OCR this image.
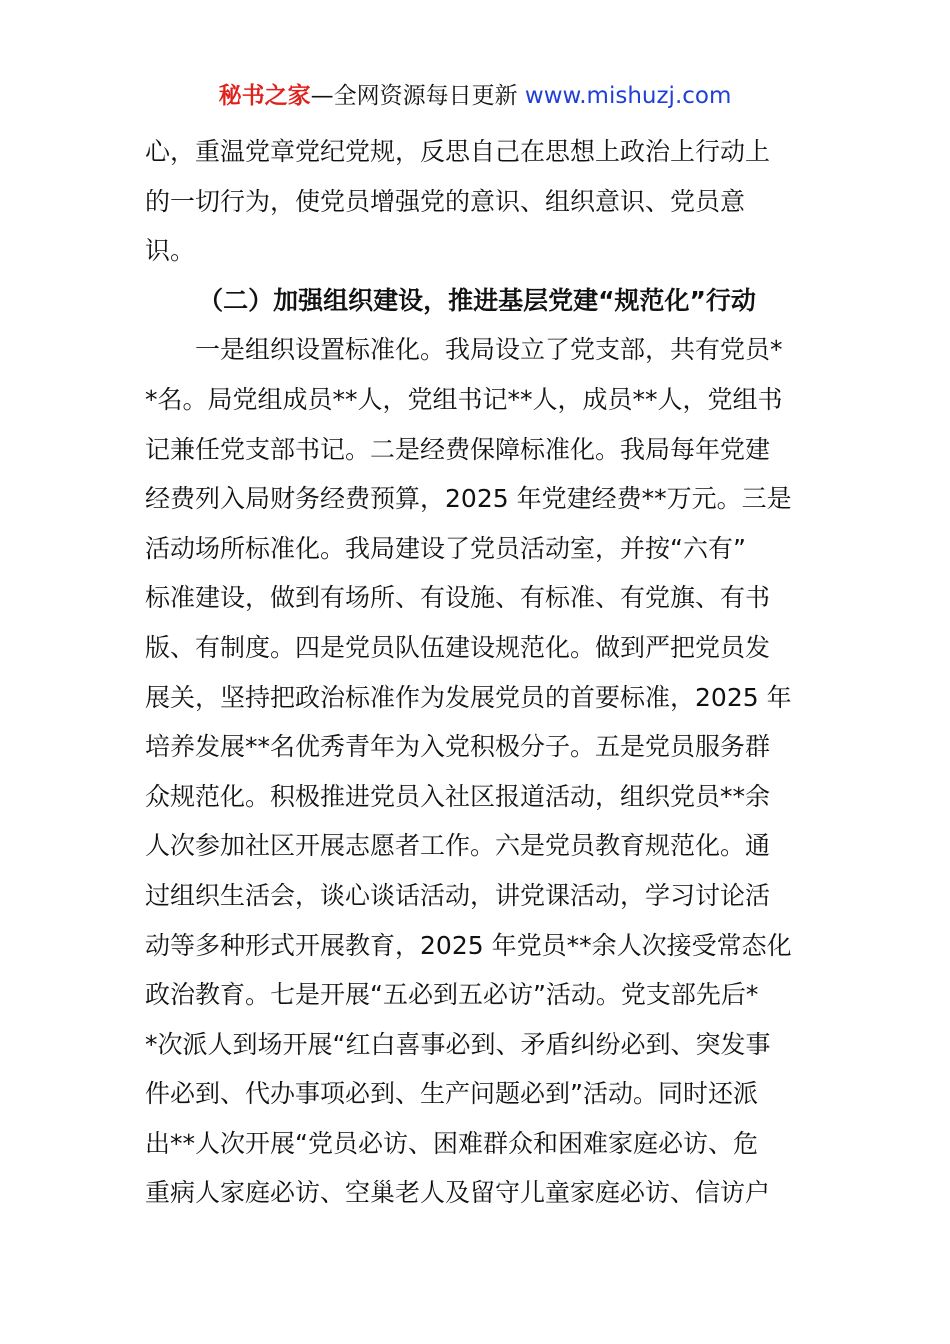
秘书之家—全网资源每日更新 www.mishuzj.com
心，重温党章党纪党规，反思自己在思想上政治上行动上
的一切行为，使党员增强党的意识、组织意识、党员意
识。
（二）加强组织建设，推进基层党建“规范化”行动
　　一是组织设置标准化。我局设立了党支部，共有党员*
*名。局党组成员**人，党组书记**人，成员**人，党组书
记兼任党支部书记。二是经费保障标准化。我局每年党建
经费列入局财务经费预算，2025 年党建经费**万元。三是
活动场所标准化。我局建设了党员活动室，并按“六有”
标准建设，做到有场所、有设施、有标准、有党旗、有书
版、有制度。四是党员队伍建设规范化。做到严把党员发
展关，坚持把政治标准作为发展党员的首要标准，2025 年
培养发展**名优秀青年为入党积极分子。五是党员服务群
众规范化。积极推进党员入社区报道活动，组织党员**余
人次参加社区开展志愿者工作。六是党员教育规范化。通
过组织生活会，谈心谈话活动，讲党课活动，学习讨论活
动等多种形式开展教育，2025 年党员**余人次接受常态化
政治教育。七是开展“五必到五必访”活动。党支部先后*
*次派人到场开展“红白喜事必到、矛盾纠纷必到、突发事
件必到、代办事项必到、生产问题必到”活动。同时还派
出**人次开展“党员必访、困难群众和困难家庭必访、危
重病人家庭必访、空巢老人及留守儿童家庭必访、信访户
